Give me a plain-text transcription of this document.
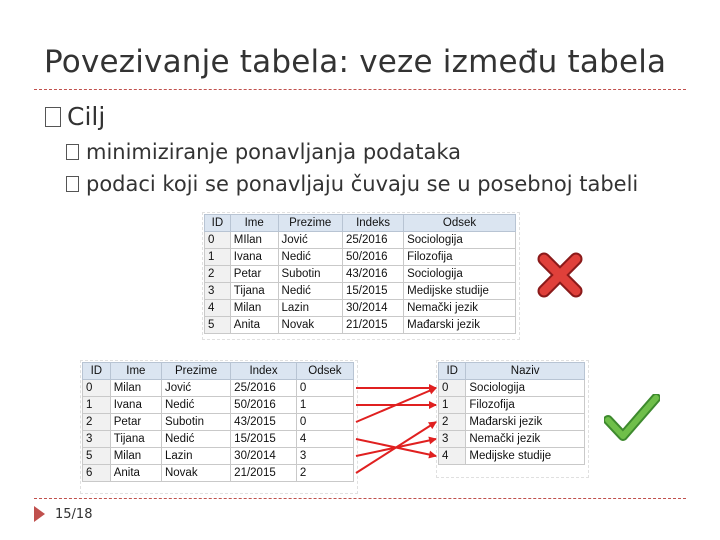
Povezivanje tabela: veze između tabela
Cilj
minimiziranje ponavljanja podataka
podaci koji se ponavljaju čuvaju se u posebnoj tabeli
ID	Ime	Prezime	Indeks	Odsek
0	MIlan	Jović	25/2016	Sociologija
1	Ivana	Nedić	50/2016	Filozofija
2	Petar	Subotin	43/2016	Sociologija
3	Tijana	Nedić	15/2015	Medijske studije
4	Milan	Lazin	30/2014	Nemački jezik
5	Anita	Novak	21/2015	Mađarski jezik
ID	Ime	Prezime	Index	Odsek
0	Milan	Jović	25/2016	0
1	Ivana	Nedić	50/2016	1
2	Petar	Subotin	43/2015	0
3	Tijana	Nedić	15/2015	4
5	Milan	Lazin	30/2014	3
6	Anita	Novak	21/2015	2
ID	Naziv
0	Sociologija
1	Filozofija
2	Mađarski jezik
3	Nemački jezik
4	Medijske studije
15/18
